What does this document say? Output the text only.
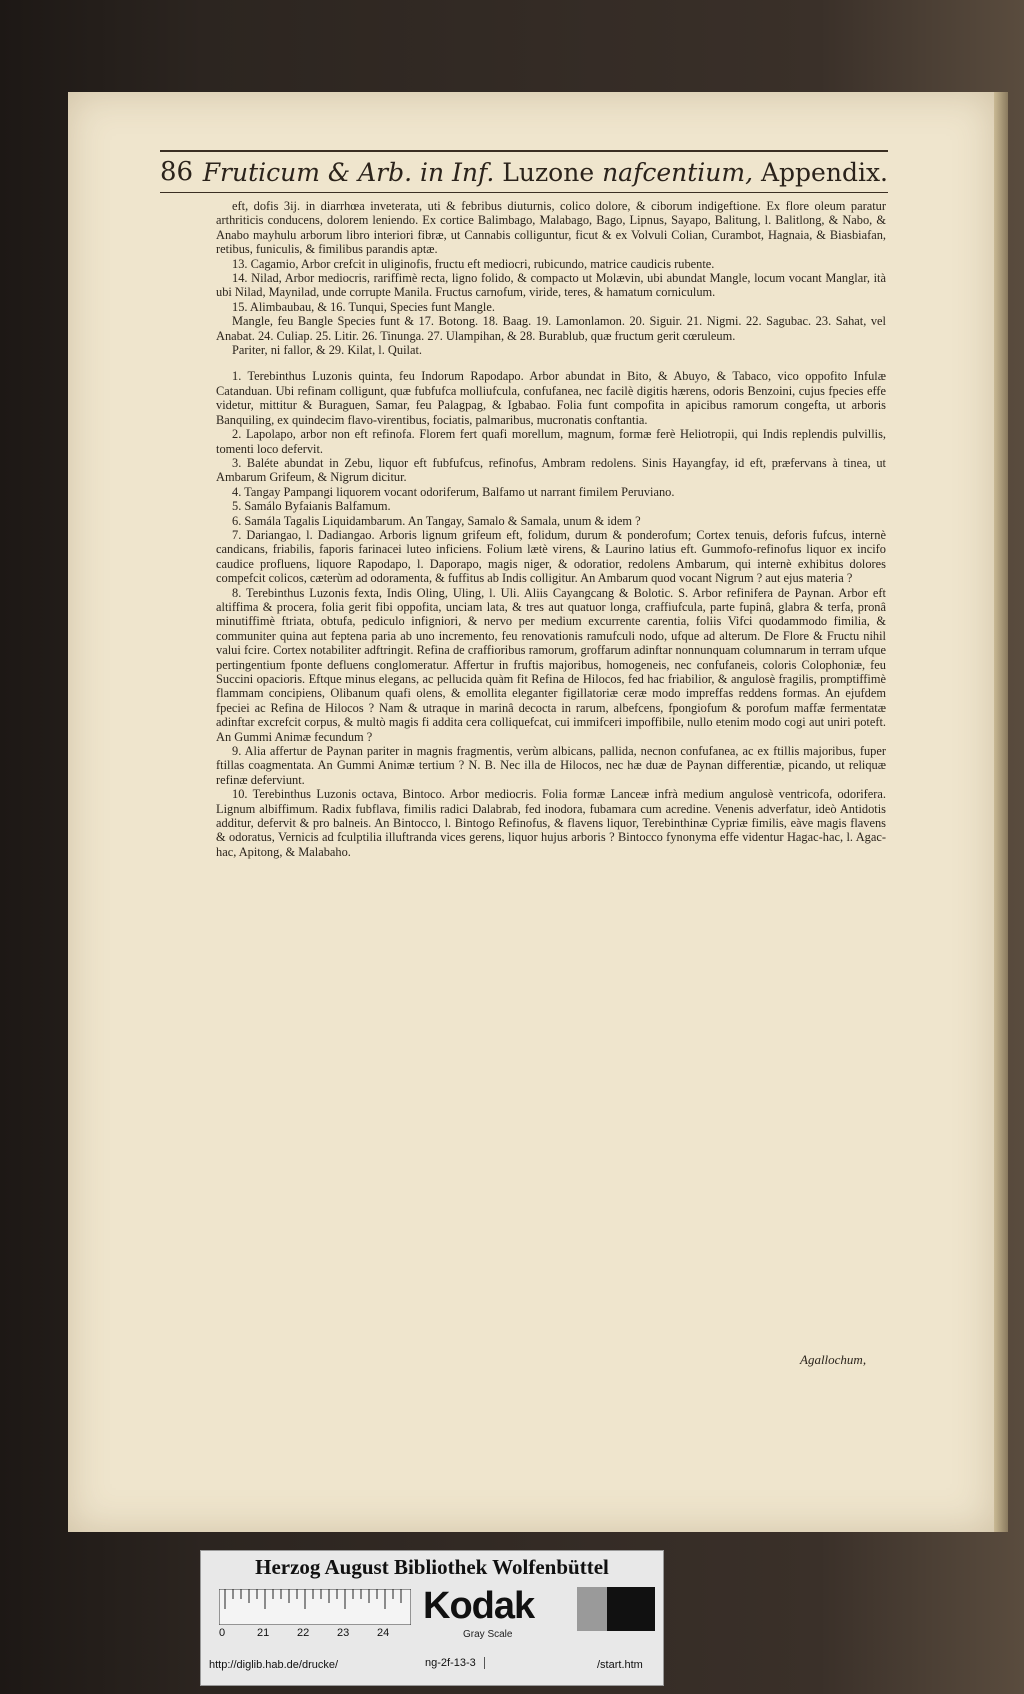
86 Fruticum & Arb. in Inf. Luzone nafcentium, Appendix.

eft, dofis 3ij. in diarrhœa inveterata, uti & febribus diuturnis, colico dolore, & ciborum indigeftione. Ex flore oleum paratur arthriticis conducens, dolorem leniendo. Ex cortice Balimbago, Malabago, Bago, Lipnus, Sayapo, Balitung, l. Balitlong, & Nabo, & Anabo mayhulu arborum libro interiori fibræ, ut Cannabis colliguntur, ficut & ex Volvuli Colian, Curambot, Hagnaia, & Biasbiafan, retibus, funiculis, & fimilibus parandis aptæ.

13. Cagamio, Arbor crefcit in uliginofis, fructu eft mediocri, rubicundo, matrice caudicis rubente.

14. Nilad, Arbor mediocris, rariffimè recta, ligno folido, & compacto ut Molævin, ubi abundat Mangle, locum vocant Manglar, ità ubi Nilad, Maynilad, unde corrupte Manila. Fructus carnofum, viride, teres, & hamatum corniculum.

15. Alimbaubau, & 16. Tunqui, Species funt Mangle.

Mangle, feu Bangle Species funt & 17. Botong. 18. Baag. 19. Lamonlamon. 20. Siguir. 21. Nigmi. 22. Sagubac. 23. Sahat, vel Anabat. 24. Culiap. 25. Litir. 26. Tinunga. 27. Ulampihan, & 28. Burablub, quæ fructum gerit cœruleum.

Pariter, ni fallor, & 29. Kilat, l. Quilat.

1. Terebinthus Luzonis quinta, feu Indorum Rapodapo. Arbor abundat in Bito, & Abuyo, & Tabaco, vico oppofito Infulæ Catanduan. Ubi refinam colligunt, quæ fubfufca molliufcula, confufanea, nec facilè digitis hærens, odoris Benzoini, cujus fpecies effe videtur, mittitur & Buraguen, Samar, feu Palagpag, & Igbabao. Folia funt compofita in apicibus ramorum congefta, ut arboris Banquiling, ex quindecim flavo-virentibus, fociatis, palmaribus, mucronatis conftantia.

2. Lapolapo, arbor non eft refinofa. Florem fert quafi morellum, magnum, formæ ferè Heliotropii, qui Indis replendis pulvillis, tomenti loco defervit.

3. Baléte abundat in Zebu, liquor eft fubfufcus, refinofus, Ambram redolens. Sinis Hayangfay, id eft, præfervans à tinea, ut Ambarum Grifeum, & Nigrum dicitur.

4. Tangay Pampangi liquorem vocant odoriferum, Balfamo ut narrant fimilem Peruviano.

5. Samálo Byfaianis Balfamum.

6. Samála Tagalis Liquidambarum. An Tangay, Samalo & Samala, unum & idem ?

7. Dariangao, l. Dadiangao. Arboris lignum grifeum eft, folidum, durum & ponderofum; Cortex tenuis, deforis fufcus, internè candicans, friabilis, faporis farinacei luteo inficiens. Folium lætè virens, & Laurino latius eft. Gummofo-refinofus liquor ex incifo caudice profluens, liquore Rapodapo, l. Daporapo, magis niger, & odoratior, redolens Ambarum, qui internè exhibitus dolores compefcit colicos, cæterùm ad odoramenta, & fuffitus ab Indis colligitur. An Ambarum quod vocant Nigrum ? aut ejus materia ?

8. Terebinthus Luzonis fexta, Indis Oling, Uling, l. Uli. Aliis Cayangcang & Bolotic. S. Arbor refinifera de Paynan. Arbor eft altiffima & procera, folia gerit fibi oppofita, unciam lata, & tres aut quatuor longa, craffiufcula, parte fupinâ, glabra & terfa, pronâ minutiffimè ftriata, obtufa, pediculo infigniori, & nervo per medium excurrente carentia, foliis Vifci quodammodo fimilia, & communiter quina aut feptena paria ab uno incremento, feu renovationis ramufculi nodo, ufque ad alterum. De Flore & Fructu nihil valui fcire. Cortex notabiliter adftringit. Refina de craffioribus ramorum, groffarum adinftar nonnunquam columnarum in terram ufque pertingentium fponte defluens conglomeratur. Affertur in fruftis majoribus, homogeneis, nec confufaneis, coloris Colophoniæ, feu Succini opacioris. Eftque minus elegans, ac pellucida quàm fit Refina de Hilocos, fed hac friabilior, & angulosè fragilis, promptiffimè flammam concipiens, Olibanum quafi olens, & emollita eleganter figillatoriæ ceræ modo impreffas reddens formas. An ejufdem fpeciei ac Refina de Hilocos ? Nam & utraque in marinâ decocta in rarum, albefcens, fpongiofum & porofum maffæ fermentatæ adinftar excrefcit corpus, & multò magis fi addita cera colliquefcat, cui immifceri impoffibile, nullo etenim modo cogi aut uniri poteft. An Gummi Animæ fecundum ?

9. Alia affertur de Paynan pariter in magnis fragmentis, verùm albicans, pallida, necnon confufanea, ac ex ftillis majoribus, fuper ftillas coagmentata. An Gummi Animæ tertium ? N. B. Nec illa de Hilocos, nec hæ duæ de Paynan differentiæ, picando, ut reliquæ refinæ deferviunt.

10. Terebinthus Luzonis octava, Bintoco. Arbor mediocris. Folia formæ Lanceæ infrà medium angulosè ventricofa, odorifera. Lignum albiffimum. Radix fubflava, fimilis radici Dalabrab, fed inodora, fubamara cum acredine. Venenis adverfatur, ideò Antidotis additur, defervit & pro balneis. An Bintocco, l. Bintogo Refinofus, & flavens liquor, Terebinthinæ Cypriæ fimilis, eàve magis flavens & odoratus, Vernicis ad fculptilia illuftranda vices gerens, liquor hujus arboris ? Bintocco fynonyma effe videntur Hagac-hac, l. Agac-hac, Apitong, & Malabaho.

Agallochum,
Herzog August Bibliothek Wolfenbüttel
0	21	22	23	24
Kodak
Gray Scale
http://diglib.hab.de/drucke/	ng-2f-13-3	/start.htm
